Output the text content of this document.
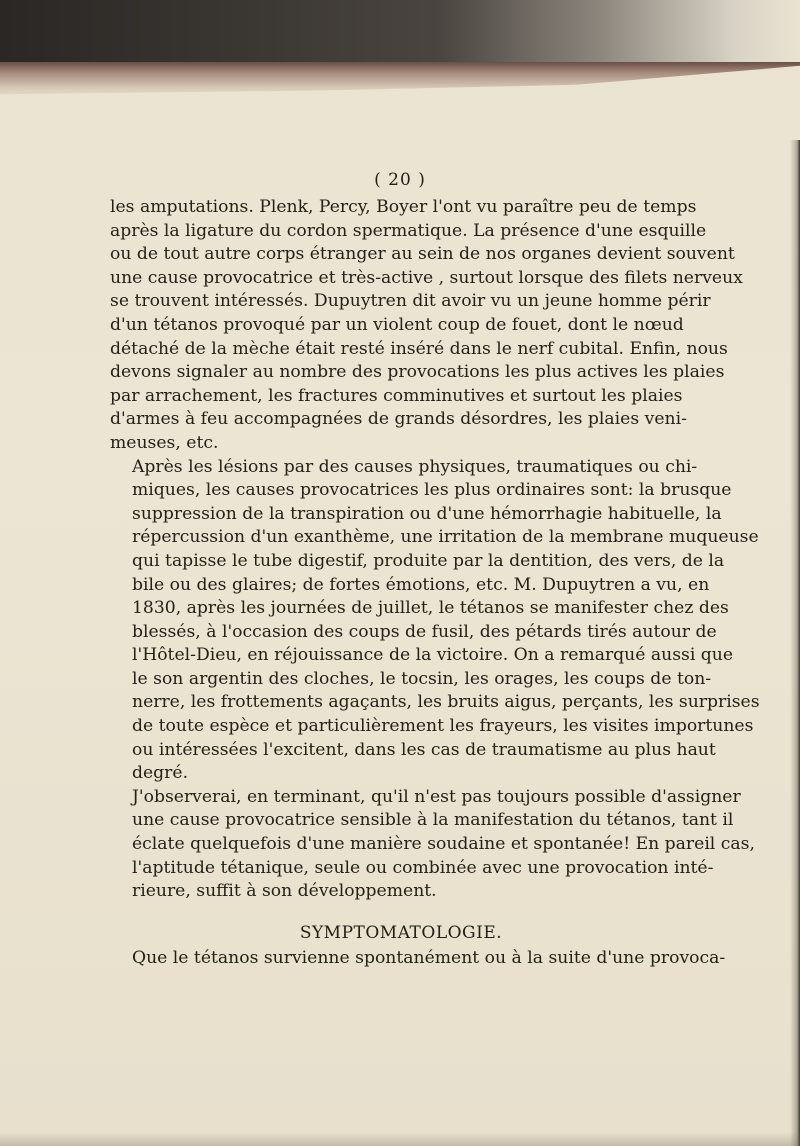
( 20 )

les amputations. Plenk, Percy, Boyer l'ont vu paraître peu de temps
après la ligature du cordon spermatique. La présence d'une esquille
ou de tout autre corps étranger au sein de nos organes devient souvent
une cause provocatrice et très-active , surtout lorsque des filets nerveux
se trouvent intéressés. Dupuytren dit avoir vu un jeune homme périr
d'un tétanos provoqué par un violent coup de fouet, dont le nœud
détaché de la mèche était resté inséré dans le nerf cubital. Enfin, nous
devons signaler au nombre des provocations les plus actives les plaies
par arrachement, les fractures comminutives et surtout les plaies
d'armes à feu accompagnées de grands désordres, les plaies veni-
meuses, etc.

Après les lésions par des causes physiques, traumatiques ou chi-
miques, les causes provocatrices les plus ordinaires sont: la brusque
suppression de la transpiration ou d'une hémorrhagie habituelle, la
répercussion d'un exanthème, une irritation de la membrane muqueuse
qui tapisse le tube digestif, produite par la dentition, des vers, de la
bile ou des glaires; de fortes émotions, etc. M. Dupuytren a vu, en
1830, après les journées de juillet, le tétanos se manifester chez des
blessés, à l'occasion des coups de fusil, des pétards tirés autour de
l'Hôtel-Dieu, en réjouissance de la victoire. On a remarqué aussi que
le son argentin des cloches, le tocsin, les orages, les coups de ton-
nerre, les frottements agaçants, les bruits aigus, perçants, les surprises
de toute espèce et particulièrement les frayeurs, les visites importunes
ou intéressées l'excitent, dans les cas de traumatisme au plus haut
degré.

J'observerai, en terminant, qu'il n'est pas toujours possible d'assigner
une cause provocatrice sensible à la manifestation du tétanos, tant il
éclate quelquefois d'une manière soudaine et spontanée! En pareil cas,
l'aptitude tétanique, seule ou combinée avec une provocation inté-
rieure, suffit à son développement.

SYMPTOMATOLOGIE.

Que le tétanos survienne spontanément ou à la suite d'une provoca-
